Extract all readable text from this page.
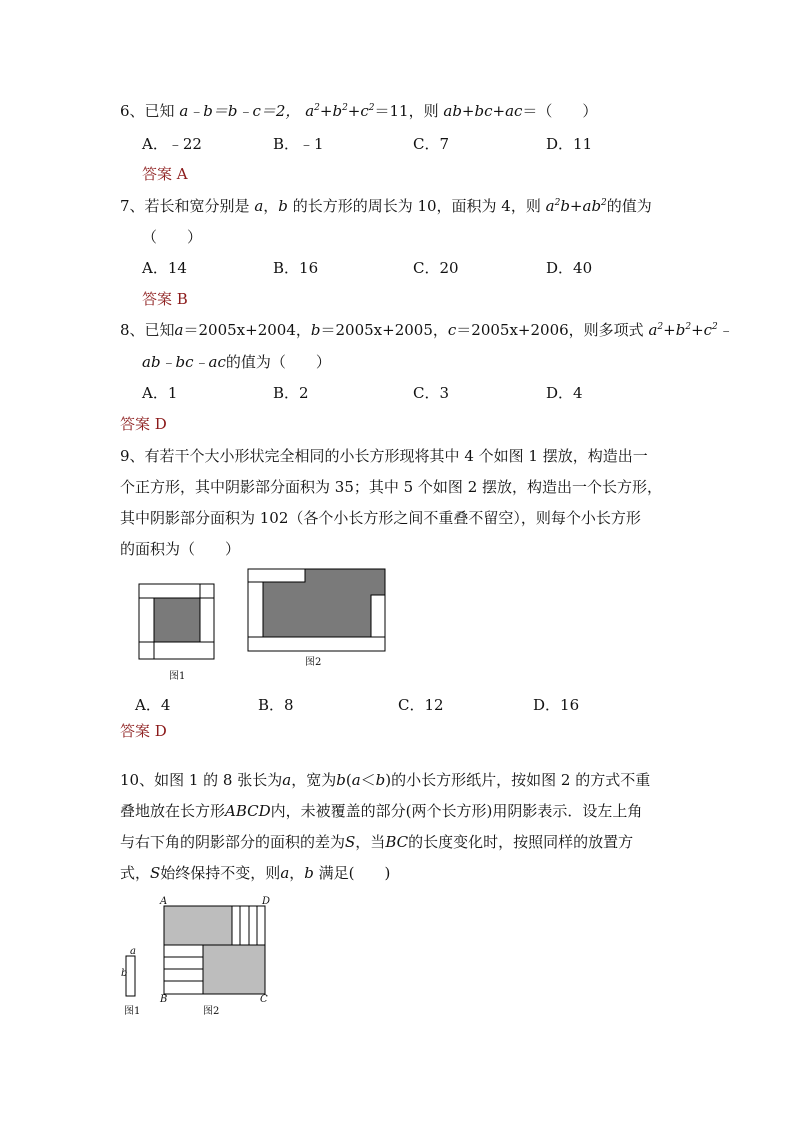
6、已知 a﹣b＝b﹣c＝2， $a^2+b^2+c^2=11$，则 ab+bc+ac＝（　　）
A．﹣22	B．﹣1	C．7	D．11
答案 A
7、若长和宽分别是 a，b 的长方形的周长为 10，面积为 4，则 $a^2b+ab^2$的值为
（　　）
A．14	B．16	C．20	D．40
答案 B
8、已知a＝2005x+2004，b＝2005x+2005，c＝2005x+2006，则多项式 $a^2+b^2+c^2﹣$
ab﹣bc﹣ac的值为（　　）
A．1	B．2	C．3	D．4
答案 D
9、有若干个大小形状完全相同的小长方形现将其中 4 个如图 1 摆放，构造出一
个正方形，其中阴影部分面积为 35；其中 5 个如图 2 摆放，构造出一个长方形，
其中阴影部分面积为 102（各个小长方形之间不重叠不留空），则每个小长方形
的面积为（　　）
图1
图2
A．4	B．8	C．12	D．16
答案 D
10、如图 1 的 8 张长为a，宽为b(a＜b)的小长方形纸片，按如图 2 的方式不重
叠地放在长方形ABCD内，未被覆盖的部分(两个长方形)用阴影表示．设左上角
与右下角的阴影部分的面积的差为S，当BC的长度变化时，按照同样的放置方
式，S始终保持不变，则a，b 满足(　　)
a
b
图1
A	D
B	C
图2
